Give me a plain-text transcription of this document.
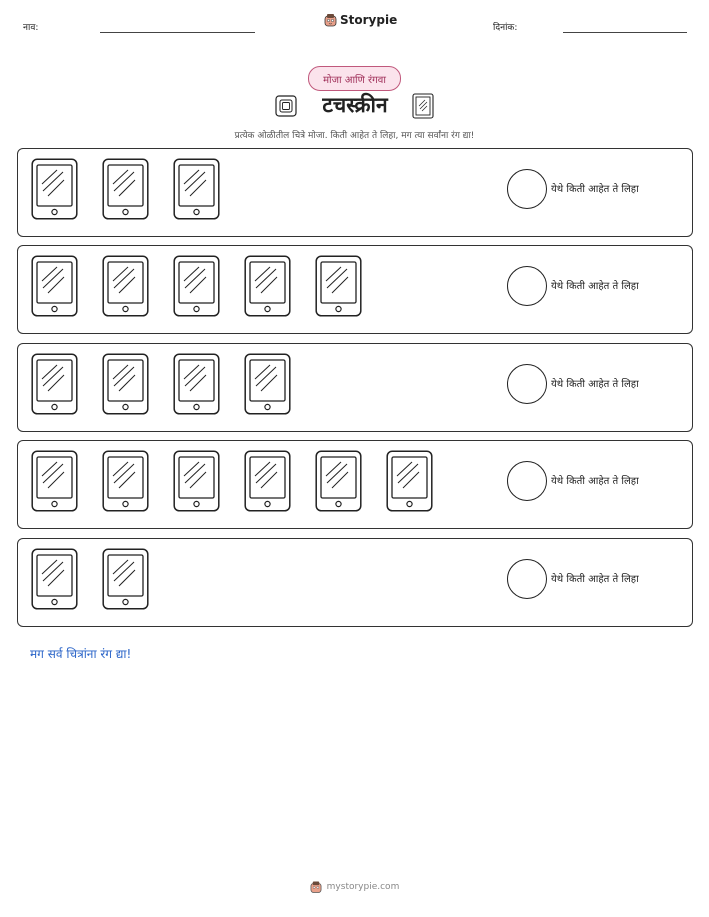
नाव:
Storypie
दिनांक:
मोजा आणि रंगवा
टचस्क्रीन
प्रत्येक ओळीतील चित्रे मोजा. किती आहेत ते लिहा, मग त्या सर्वांना रंग द्या!
येथे किती आहेत ते लिहा
येथे किती आहेत ते लिहा
येथे किती आहेत ते लिहा
येथे किती आहेत ते लिहा
येथे किती आहेत ते लिहा
मग सर्व चित्रांना रंग द्या!
mystorypie.com
